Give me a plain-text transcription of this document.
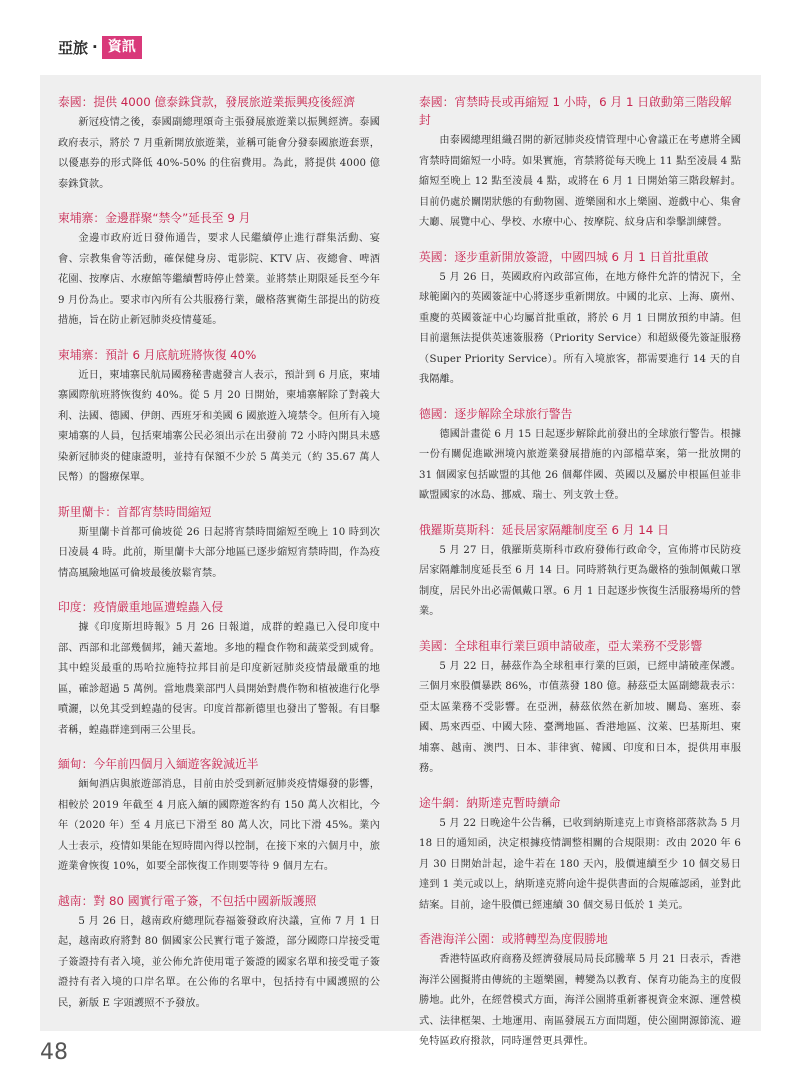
亞旅 · 資訊
泰國：提供 4000 億泰銖貸款，發展旅遊業振興疫後經濟

新冠疫情之後，泰國副總理頌奇主張發展旅遊業以振興經濟。泰國政府表示，將於 7 月重新開放旅遊業，並稱可能會分發泰國旅遊套票，以優惠券的形式降低 40%-50% 的住宿費用。為此，將提供 4000 億泰銖貸款。

柬埔寨：金邊群聚“禁令”延長至 9 月

金邊市政府近日發佈通告，要求人民繼續停止進行群集活動、宴會、宗教集會等活動，確保健身房、電影院、KTV 店、夜總會、啤酒花園、按摩店、水療館等繼續暫時停止營業。並將禁止期限延長至今年 9 月份為止。要求市內所有公共服務行業，嚴格落實衛生部提出的防疫措施，旨在防止新冠肺炎疫情蔓延。

柬埔寨：預計 6 月底航班將恢復 40%

近日，柬埔寨民航局國務秘書處發言人表示，預計到 6 月底，柬埔寨國際航班將恢復約 40%。從 5 月 20 日開始，柬埔寨解除了對義大利、法國、德國、伊朗、西班牙和美國 6 國旅遊入境禁令。但所有入境柬埔寨的人員，包括柬埔寨公民必須出示在出發前 72 小時內開具未感染新冠肺炎的健康證明，並持有保額不少於 5 萬美元（約 35.67 萬人民幣）的醫療保單。

斯里蘭卡：首都宵禁時間縮短

斯里蘭卡首都可倫坡從 26 日起將宵禁時間縮短至晚上 10 時到次日凌晨 4 時。此前，斯里蘭卡大部分地區已逐步縮短宵禁時間，作為疫情高風險地區可倫坡最後放鬆宵禁。

印度：疫情嚴重地區遭蝗蟲入侵

據《印度斯坦時報》5 月 26 日報道，成群的蝗蟲已入侵印度中部、西部和北部幾個邦，鋪天蓋地。多地的糧食作物和蔬菜受到威脅。其中蝗災最重的馬哈拉施特拉邦目前是印度新冠肺炎疫情最嚴重的地區，確診超過 5 萬例。當地農業部門人員開始對農作物和植被進行化學噴灑，以免其受到蝗蟲的侵害。印度首都新德里也發出了警報。有目擊者稱，蝗蟲群達到兩三公里長。

緬甸：今年前四個月入緬遊客銳減近半

緬甸酒店與旅遊部消息，目前由於受到新冠肺炎疫情爆發的影響，相較於 2019 年截至 4 月底入緬的國際遊客約有 150 萬人次相比，今年（2020 年）至 4 月底已下滑至 80 萬人次，同比下滑 45%。業內人士表示，疫情如果能在短時間內得以控制，在接下來的六個月中，旅遊業會恢復 10%，如要全部恢復工作則要等待 9 個月左右。

越南：對 80 國實行電子簽，不包括中國新版護照

5 月 26 日，越南政府總理阮春福簽發政府決議，宣佈 7 月 1 日起，越南政府將對 80 個國家公民實行電子簽證，部分國際口岸接受電子簽證持有者入境，並公佈允許使用電子簽證的國家名單和接受電子簽證持有者入境的口岸名單。在公佈的名單中，包括持有中國護照的公民，新版 E 字頭護照不予發放。

泰國：宵禁時長或再縮短 1 小時，6 月 1 日啟動第三階段解封

由泰國總理組織召開的新冠肺炎疫情管理中心會議正在考慮將全國宵禁時間縮短一小時。如果實施，宵禁將從每天晚上 11 點至凌晨 4 點縮短至晚上 12 點至淩晨 4 點，或將在 6 月 1 日開始第三階段解封。目前仍處於關閉狀態的有動物園、遊樂園和水上樂園、遊戲中心、集會大廳、展覽中心、學校、水療中心、按摩院、紋身店和拳擊訓練營。

英國：逐步重新開放簽證，中國四城 6 月 1 日首批重啟

5 月 26 日，英國政府內政部宣佈，在地方條件允許的情況下，全球範圍內的英國簽証中心將逐步重新開放。中國的北京、上海、廣州、重慶的英國簽証中心均屬首批重啟，將於 6 月 1 日開放預約申請。但目前還無法提供英速簽服務（Priority Service）和超級優先簽証服務（Super Priority Service）。所有入境旅客，都需要進行 14 天的自我隔離。

德國：逐步解除全球旅行警告

德國計畫從 6 月 15 日起逐步解除此前發出的全球旅行警告。根據一份有關促進歐洲境內旅遊業發展措施的內部檔草案，第一批放開的 31 個國家包括歐盟的其他 26 個鄰伴國、英國以及屬於申根區但並非歐盟國家的冰島、挪威、瑞士、列支敦士登。

俄羅斯莫斯科：延長居家隔離制度至 6 月 14 日

5 月 27 日，俄羅斯莫斯科市政府發佈行政命令，宣佈將市民防疫居家隔離制度延長至 6 月 14 日。同時將執行更為嚴格的強制佩戴口罩制度，居民外出必需佩戴口罩。6 月 1 日起逐步恢復生活服務場所的營業。

美國：全球租車行業巨頭申請破產，亞太業務不受影響

5 月 22 日，赫茲作為全球租車行業的巨頭，已經申請破產保護。三個月來股價暴跌 86%，市值蒸發 180 億。赫茲亞太區副總裁表示：亞太區業務不受影響。在亞洲，赫茲依然在新加坡、關島、塞班、泰國、馬來西亞、中國大陸、臺灣地區、香港地區、汶萊、巴基斯坦、柬埔寨、越南、澳門、日本、菲律賓、韓國、印度和日本，提供用車服務。

途牛網：納斯達克暫時續命

5 月 22 日晚途牛公告稱，已收到納斯達克上市資格部落款為 5 月 18 日的通知函，決定根據疫情調整相關的合規限期：改由 2020 年 6 月 30 日開始計起，途牛若在 180 天內，股價連續至少 10 個交易日達到 1 美元或以上，納斯達克將向途牛提供書面的合規確認函，並對此結案。目前，途牛股價已經連續 30 個交易日低於 1 美元。

香港海洋公園：或將轉型為度假勝地

香港特區政府商務及經濟發展局局長邱騰華 5 月 21 日表示，香港海洋公園擬將由傳統的主題樂園，轉變為以教育、保育功能為主的度假勝地。此外，在經營模式方面，海洋公園將重新審視資金來源、運營模式、法律框架、土地運用、南區發展五方面問題，使公園開源節流、避免特區政府撥款，同時運營更具彈性。

48
